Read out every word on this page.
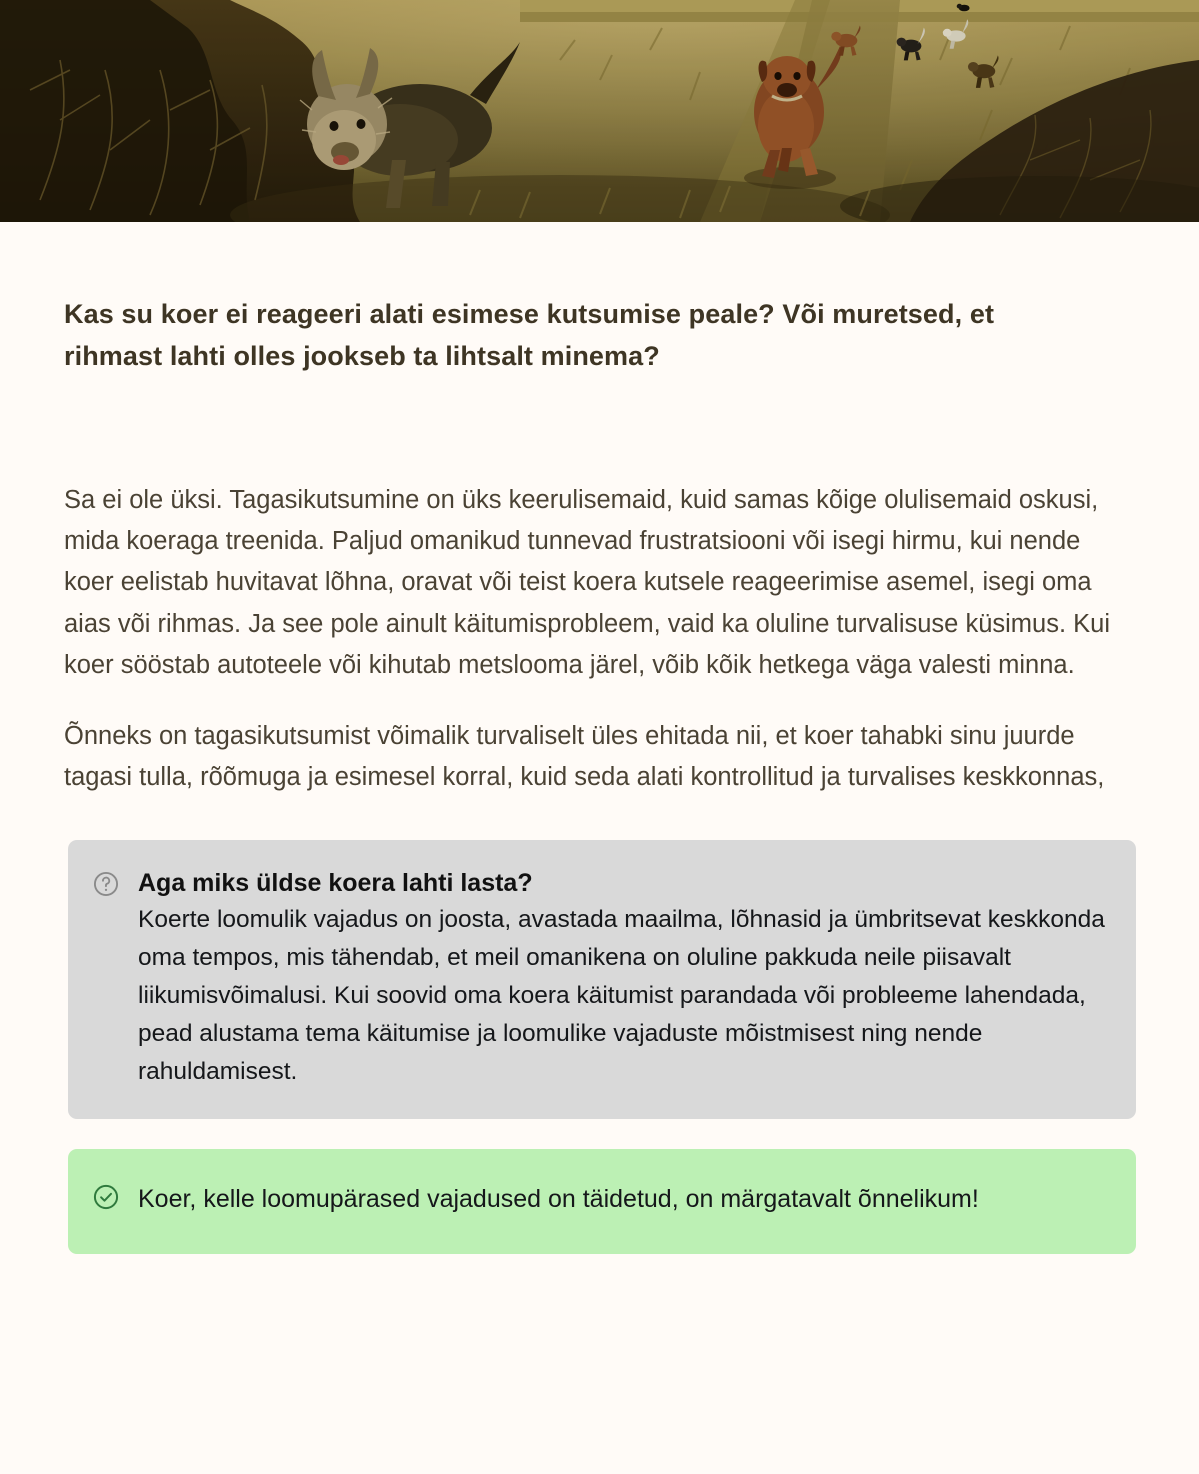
Kas su koer ei reageeri alati esimese kutsumise peale? Või muretsed, et rihmast lahti olles jookseb ta lihtsalt minema?

Sa ei ole üksi. Tagasikutsumine on üks keerulisemaid, kuid samas kõige olulisemaid oskusi, mida koeraga treenida. Paljud omanikud tunnevad frustratsiooni või isegi hirmu, kui nende koer eelistab huvitavat lõhna, oravat või teist koera kutsele reageerimise asemel, isegi oma aias või rihmas. Ja see pole ainult käitumisprobleem, vaid ka oluline turvalisuse küsimus. Kui koer sööstab autoteele või kihutab metslooma järel, võib kõik hetkega väga valesti minna.

Õnneks on tagasikutsumist võimalik turvaliselt üles ehitada nii, et koer tahabki sinu juurde tagasi tulla, rõõmuga ja esimesel korral, kuid seda alati kontrollitud ja turvalises keskkonnas,

Aga miks üldse koera lahti lasta?

Koerte loomulik vajadus on joosta, avastada maailma, lõhnasid ja ümbritsevat keskkonda oma tempos, mis tähendab, et meil omanikena on oluline pakkuda neile piisavalt liikumisvõimalusi. Kui soovid oma koera käitumist parandada või probleeme lahendada, pead alustama tema käitumise ja loomulike vajaduste mõistmisest ning nende rahuldamisest.

Koer, kelle loomupärased vajadused on täidetud, on märgatavalt õnnelikum!
